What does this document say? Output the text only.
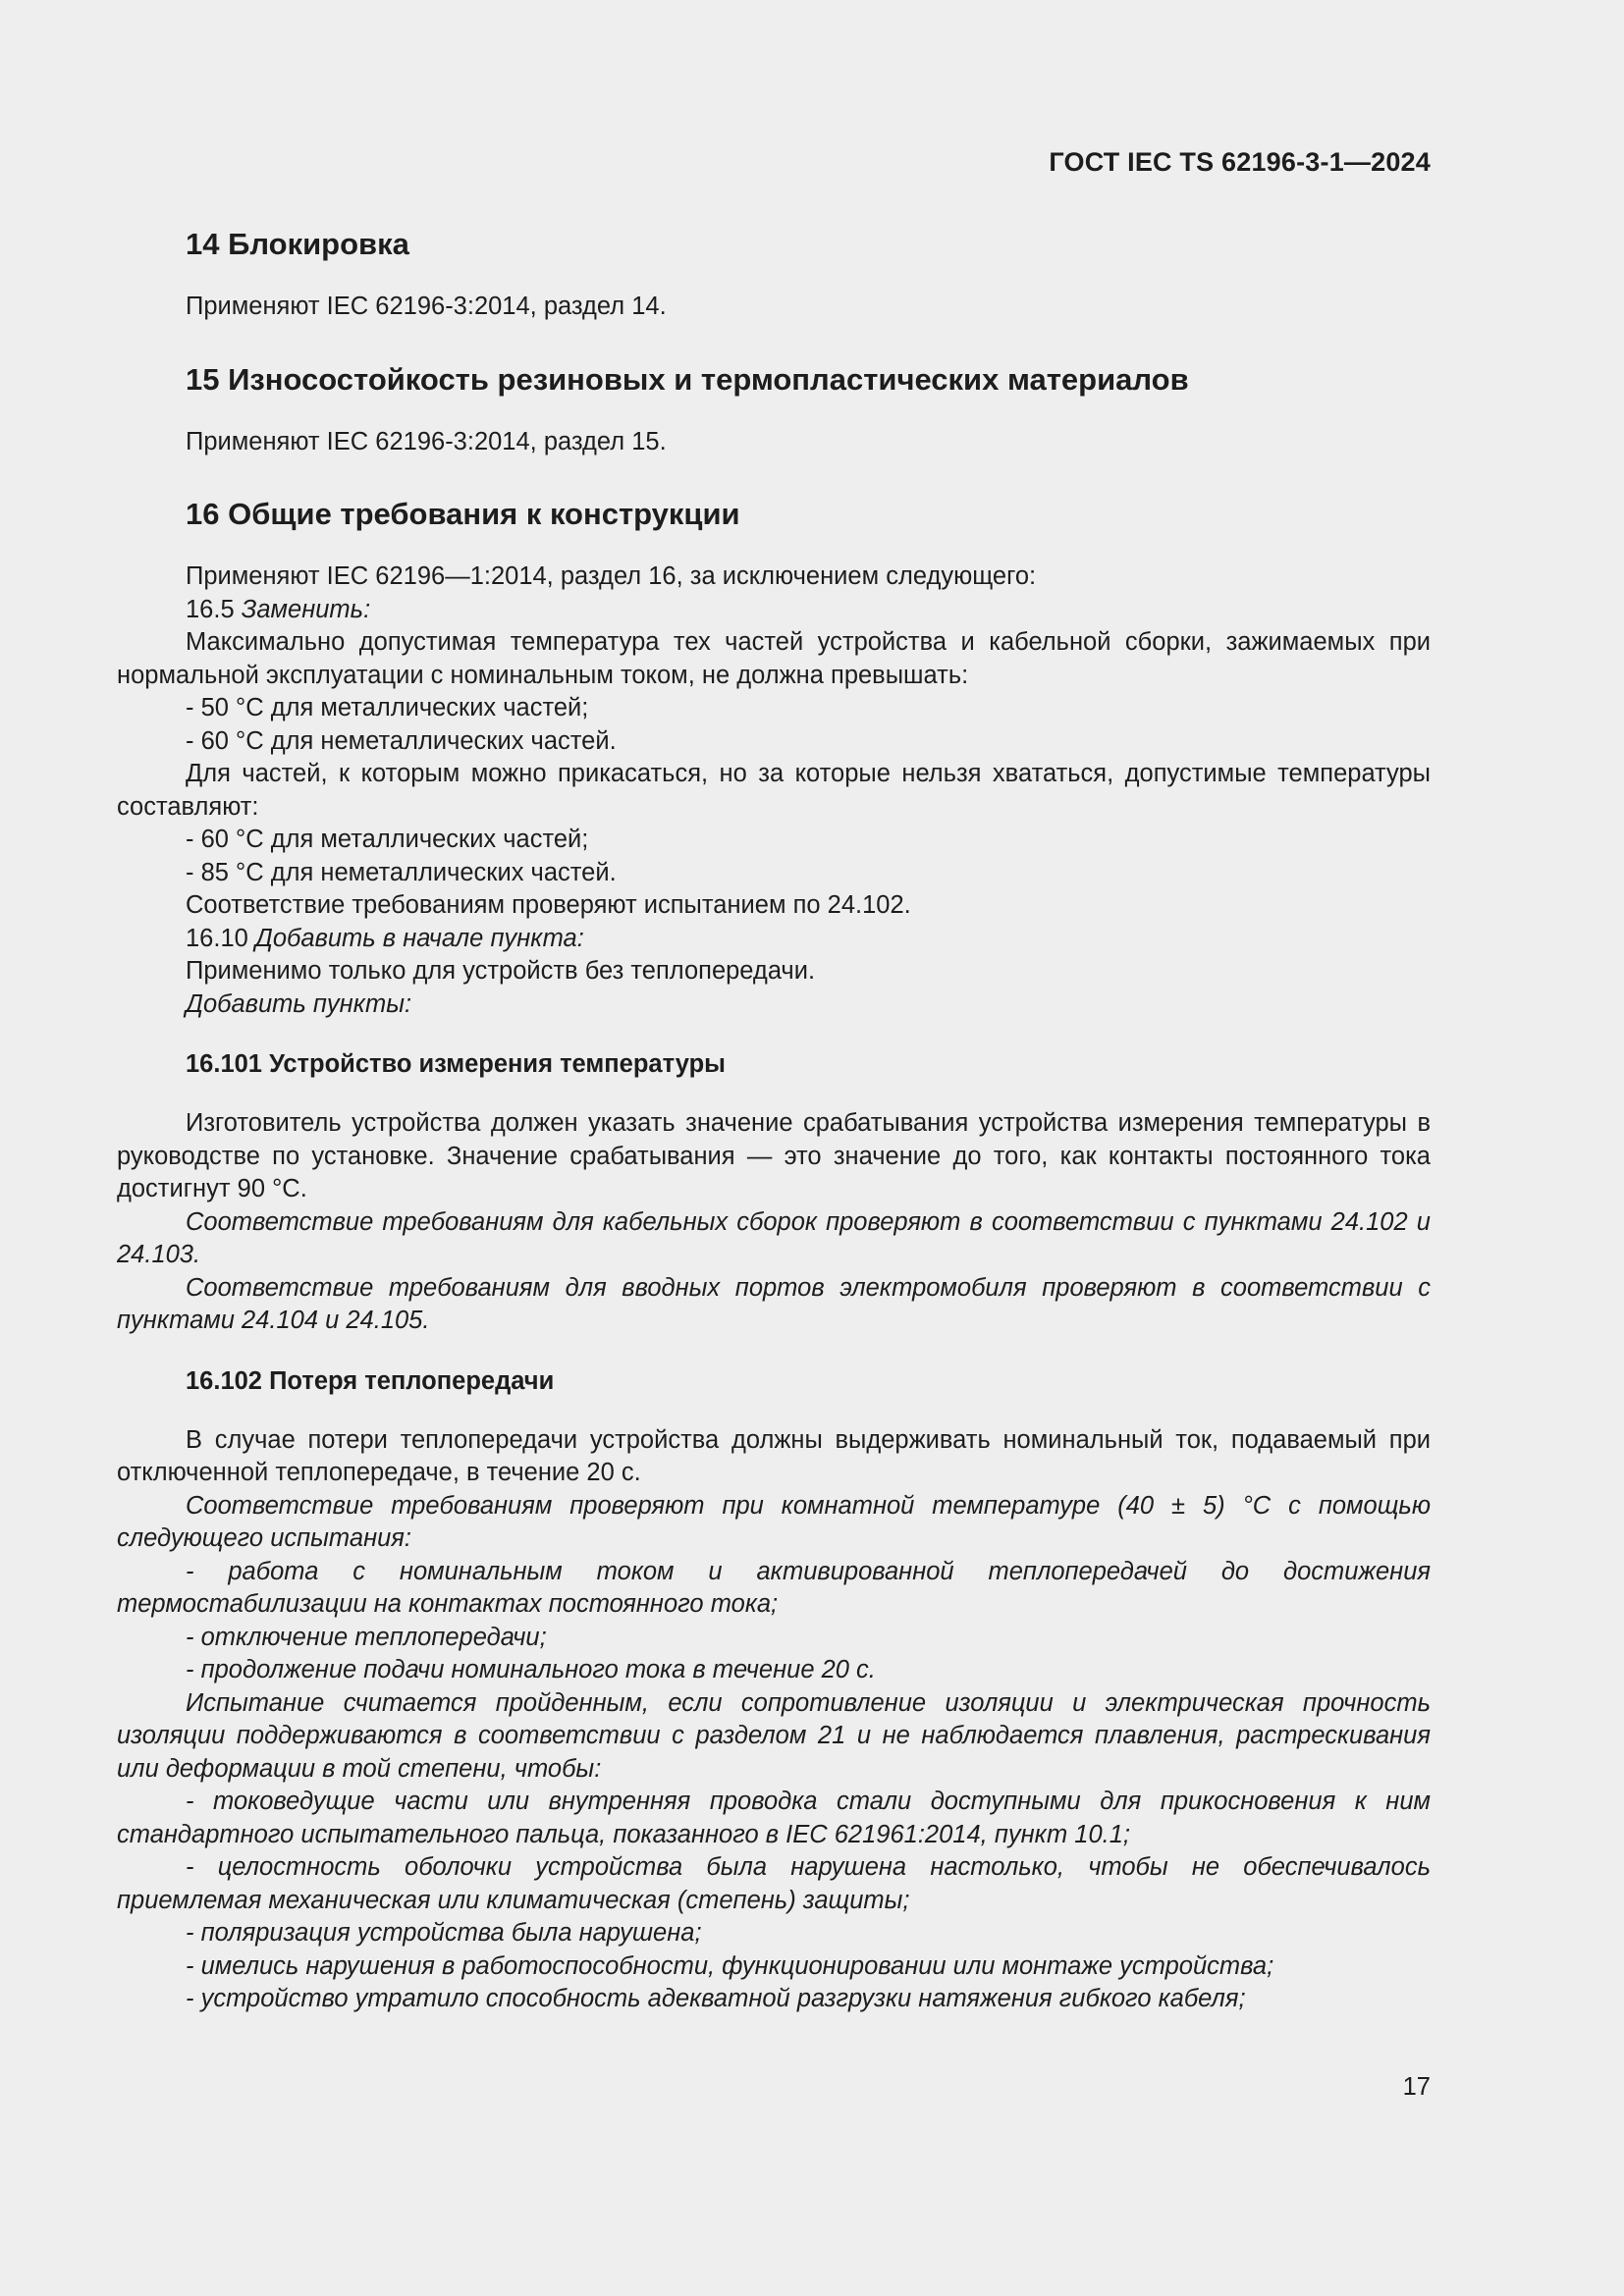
ГОСТ IEC TS 62196-3-1—2024
14 Блокировка

Применяют IEC 62196-3:2014, раздел 14.

15 Износостойкость резиновых и термопластических материалов

Применяют IEC 62196-3:2014, раздел 15.

16 Общие требования к конструкции

Применяют IEC 62196—1:2014, раздел 16, за исключением следующего:

16.5 Заменить:

Максимально допустимая температура тех частей устройства и кабельной сборки, зажимаемых при нормальной эксплуатации с номинальным током, не должна превышать:

- 50 °С для металлических частей;

- 60 °С для неметаллических частей.

Для частей, к которым можно прикасаться, но за которые нельзя хвататься, допустимые температуры составляют:

- 60 °С для металлических частей;

- 85 °С для неметаллических частей.

Соответствие требованиям проверяют испытанием по 24.102.

16.10 Добавить в начале пункта:

Применимо только для устройств без теплопередачи.

Добавить пункты:

16.101 Устройство измерения температуры

Изготовитель устройства должен указать значение срабатывания устройства измерения температуры в руководстве по установке. Значение срабатывания — это значение до того, как контакты постоянного тока достигнут 90 °С.

Соответствие требованиям для кабельных сборок проверяют в соответствии с пунктами 24.102 и 24.103.

Соответствие требованиям для вводных портов электромобиля проверяют в соответствии с пунктами 24.104 и 24.105.

16.102 Потеря теплопередачи

В случае потери теплопередачи устройства должны выдерживать номинальный ток, подаваемый при отключенной теплопередаче, в течение 20 с.

Соответствие требованиям проверяют при комнатной температуре (40 ± 5) °С с помощью следующего испытания:

- работа с номинальным током и активированной теплопередачей до достижения термостабилизации на контактах постоянного тока;

- отключение теплопередачи;

- продолжение подачи номинального тока в течение 20 с.

Испытание считается пройденным, если сопротивление изоляции и электрическая прочность изоляции поддерживаются в соответствии с разделом 21 и не наблюдается плавления, растрескивания или деформации в той степени, чтобы:

- токоведущие части или внутренняя проводка стали доступными для прикосновения к ним стандартного испытательного пальца, показанного в IEC 621961:2014, пункт 10.1;

- целостность оболочки устройства была нарушена настолько, чтобы не обеспечивалось приемлемая механическая или климатическая (степень) защиты;

- поляризация устройства была нарушена;

- имелись нарушения в работоспособности, функционировании или монтаже устройства;

- устройство утратило способность адекватной разгрузки натяжения гибкого кабеля;

17
